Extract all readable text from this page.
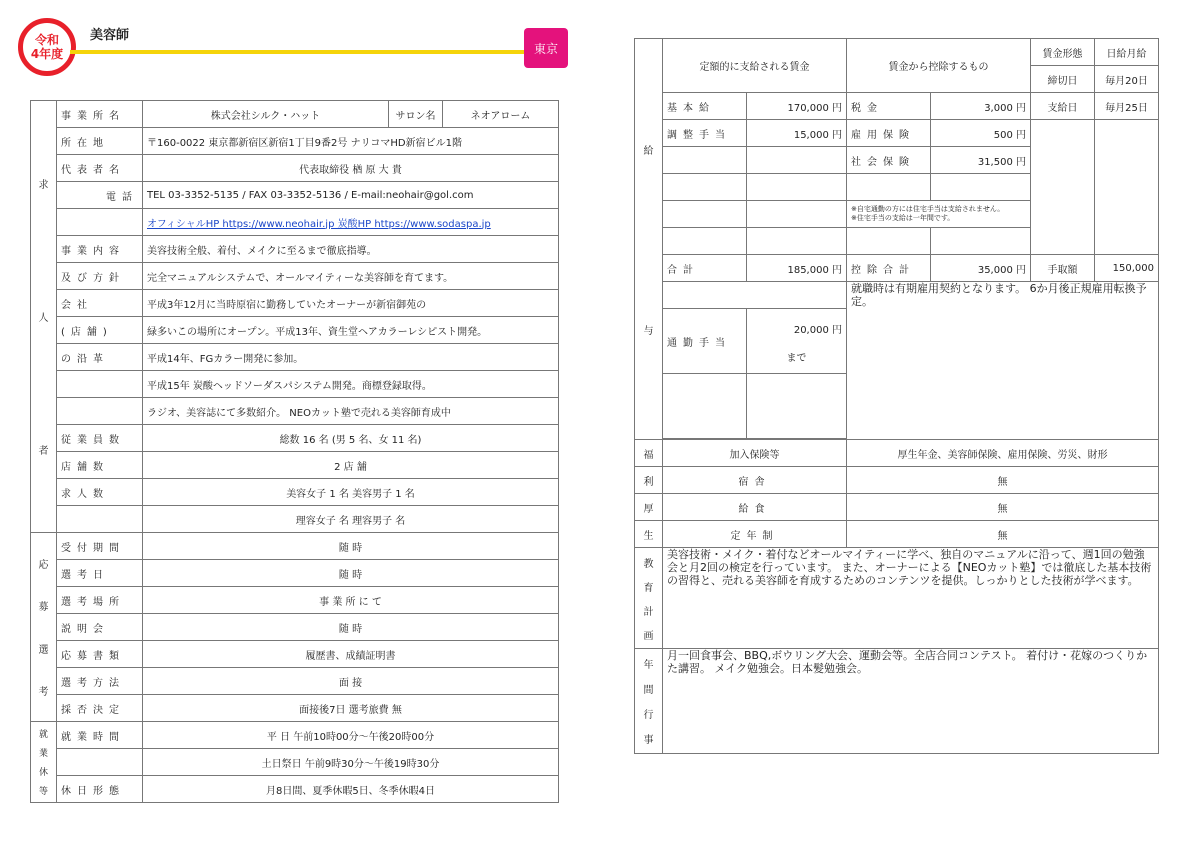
令和
4年度
美容師
東京
求
人
者	事業所名	株式会社シルク・ハット	サロン名	ネオアローム
	所在地	〒160-0022 東京都新宿区新宿1丁目9番2号 ナリコマHD新宿ビル1階		
	代表者名	代表取締役 楢 原 大 貴		
	電話	TEL 03-3352-5135 / FAX 03-3352-5136 / E-mail:neohair@gol.com		
		オフィシャルHP https://www.neohair.jp 炭酸HP https://www.sodaspa.jp		
	事業内容	美容技術全般、着付、メイクに至るまで徹底指導。		
	及び方針	完全マニュアルシステムで、オールマイティーな美容師を育てます。		
	会社	平成3年12月に当時原宿に勤務していたオーナーが新宿御苑の		
	(店舗)	緑多いこの場所にオープン。平成13年、資生堂ヘアカラーレシピスト開発。		
	の沿革	平成14年、FGカラー開発に参加。		
		平成15年 炭酸ヘッドソーダスパシステム開発。商標登録取得。		
		ラジオ、美容誌にて多数紹介。 NEOカット塾で売れる美容師育成中		
	従業員数	総数 16 名 (男 5 名、女 11 名)		
	店舗数	2 店 舗		
	求人数	美容女子 1 名 美容男子 1 名		
		理容女子 名 理容男子 名		

応
募
選
考	受付期間	随 時		
	選考日	随 時		
	選考場所	事 業 所 に て		
	説明会	随 時		
	応募書類	履歴書、成績証明書		
	選考方法	面 接		
	採否決定	面接後7日 選考旅費 無		

就
業
休
等	就業時間	平 日 午前10時00分～午後20時00分		
		土日祭日 午前9時30分～午後19時30分		
	休日形態	月8日間、夏季休暇5日、冬季休暇4日		
給
与	定額的に支給される賃金		賃金から控除するもの		賃金形態	日給月給
					締切日	毎月20日
	基本給	170,000 円	税金	3,000 円	支給日	毎月25日
	調整手当	15,000 円	雇用保険	500 円		
			社会保険	31,500 円		

			※自宅通勤の方には住宅手当は支給されません。
※住宅手当の支給は一年間です。			

	合計	185,000 円	控除合計	35,000 円	手取額	150,000
			就職時は有期雇用契約となります。 6か月後正規雇用転換予定。			
	通勤手当	20,000 円
まで				

福	加入保険等		厚生年金、美容師保険、雇用保険、労災、財形			
利	宿舎		無			
厚	給食		無			
生	定年制		無			

教
育
計
画	美容技術・メイク・着付などオールマイティーに学べ、独自のマニュアルに沿って、週1回の勉強会と月2回の検定を行っています。 また、オーナーによる【NEOカット塾】では徹底した基本技術の習得と、売れる美容師を育成するためのコンテンツを提供。しっかりとした技術が学べます。					

年
間
行
事	月一回食事会、BBQ,ボウリング大会、運動会等。全店合同コンテスト。 着付け・花嫁のつくりかた講習。 メイク勉強会。日本髪勉強会。					
